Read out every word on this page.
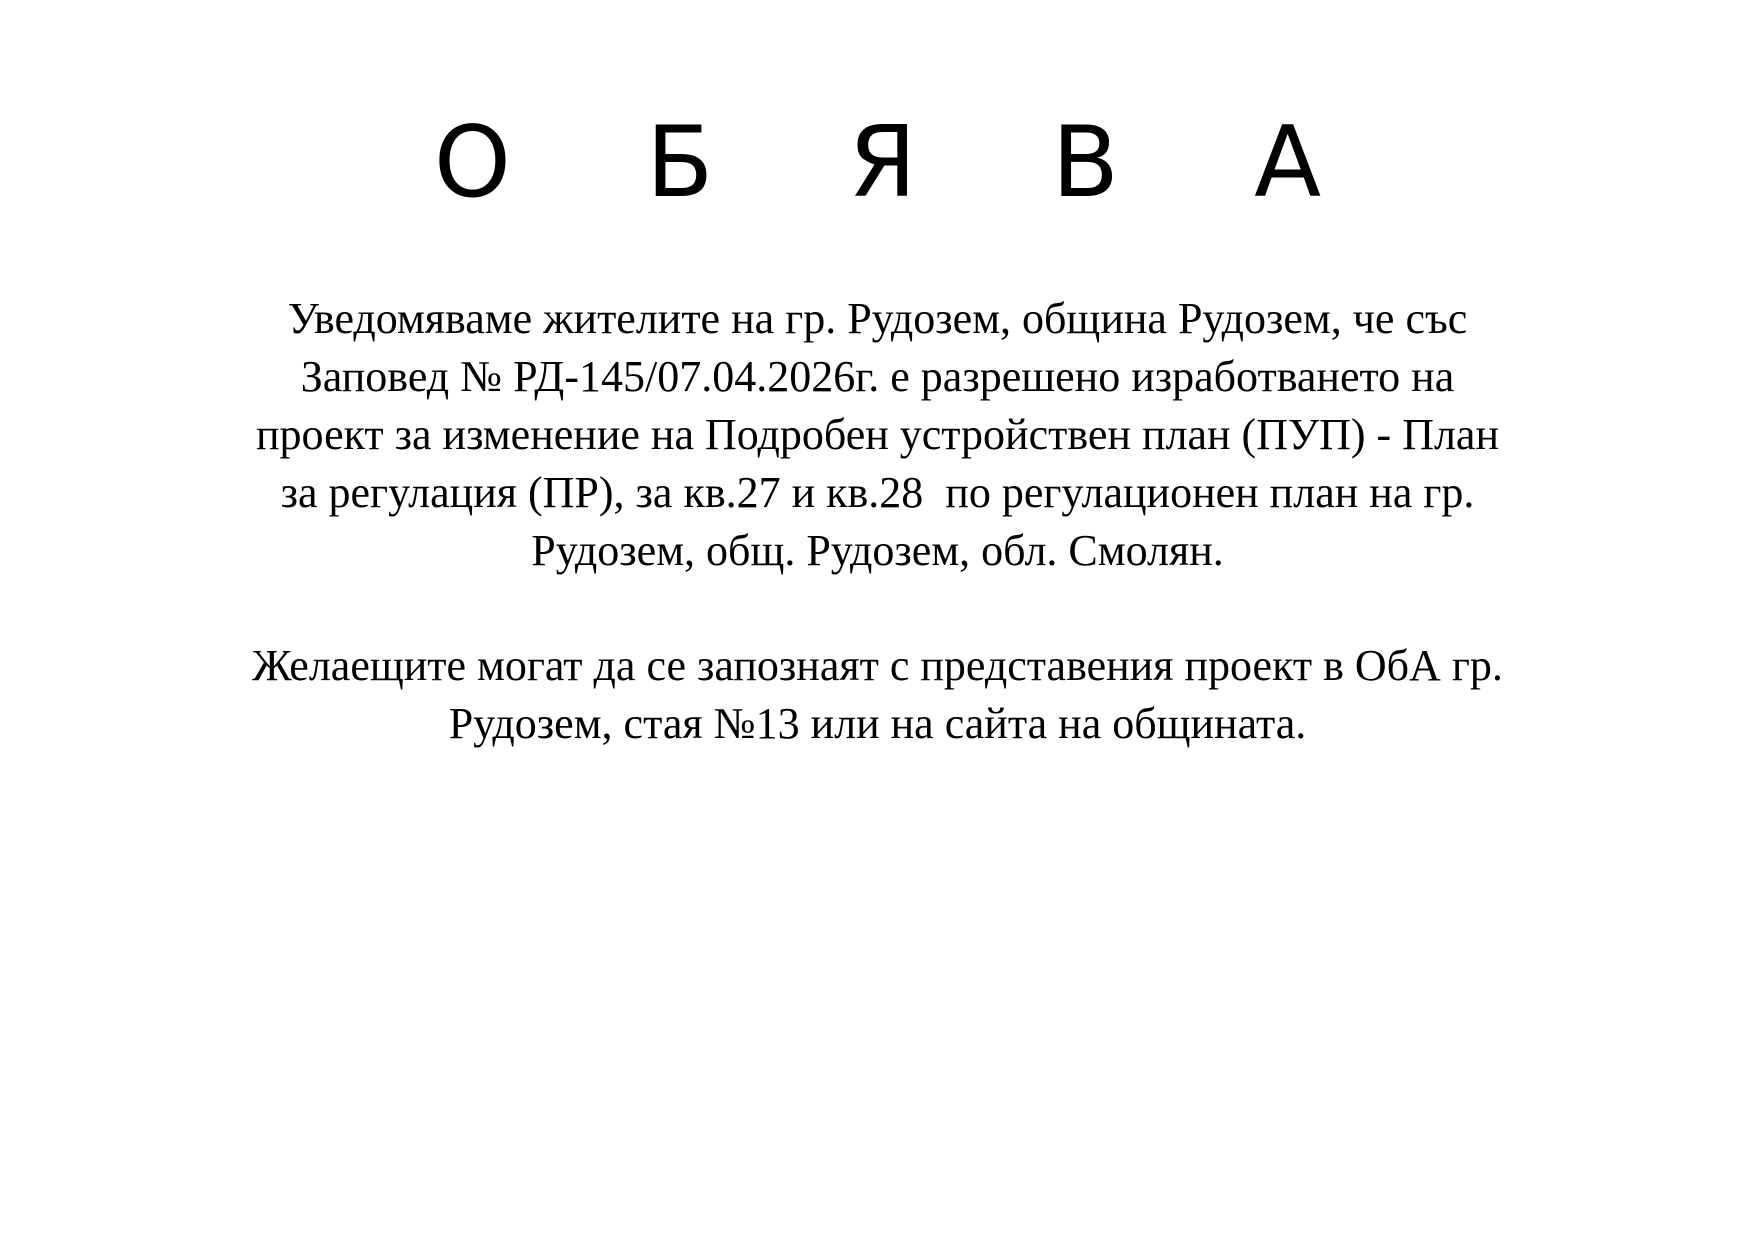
О Б Я В А
Уведомяваме жителите на гр. Рудозем, община Рудозем, че със
Заповед № РД-145/07.04.2026г. е разрешено изработването на
проект за изменение на Подробен устройствен план (ПУП) - План
за регулация (ПР), за кв.27 и кв.28  по регулационен план на гр.
Рудозем, общ. Рудозем, обл. Смолян.
Желаещите могат да се запознаят с представения проект в ОбА гр.
Рудозем, стая №13 или на сайта на общината.
